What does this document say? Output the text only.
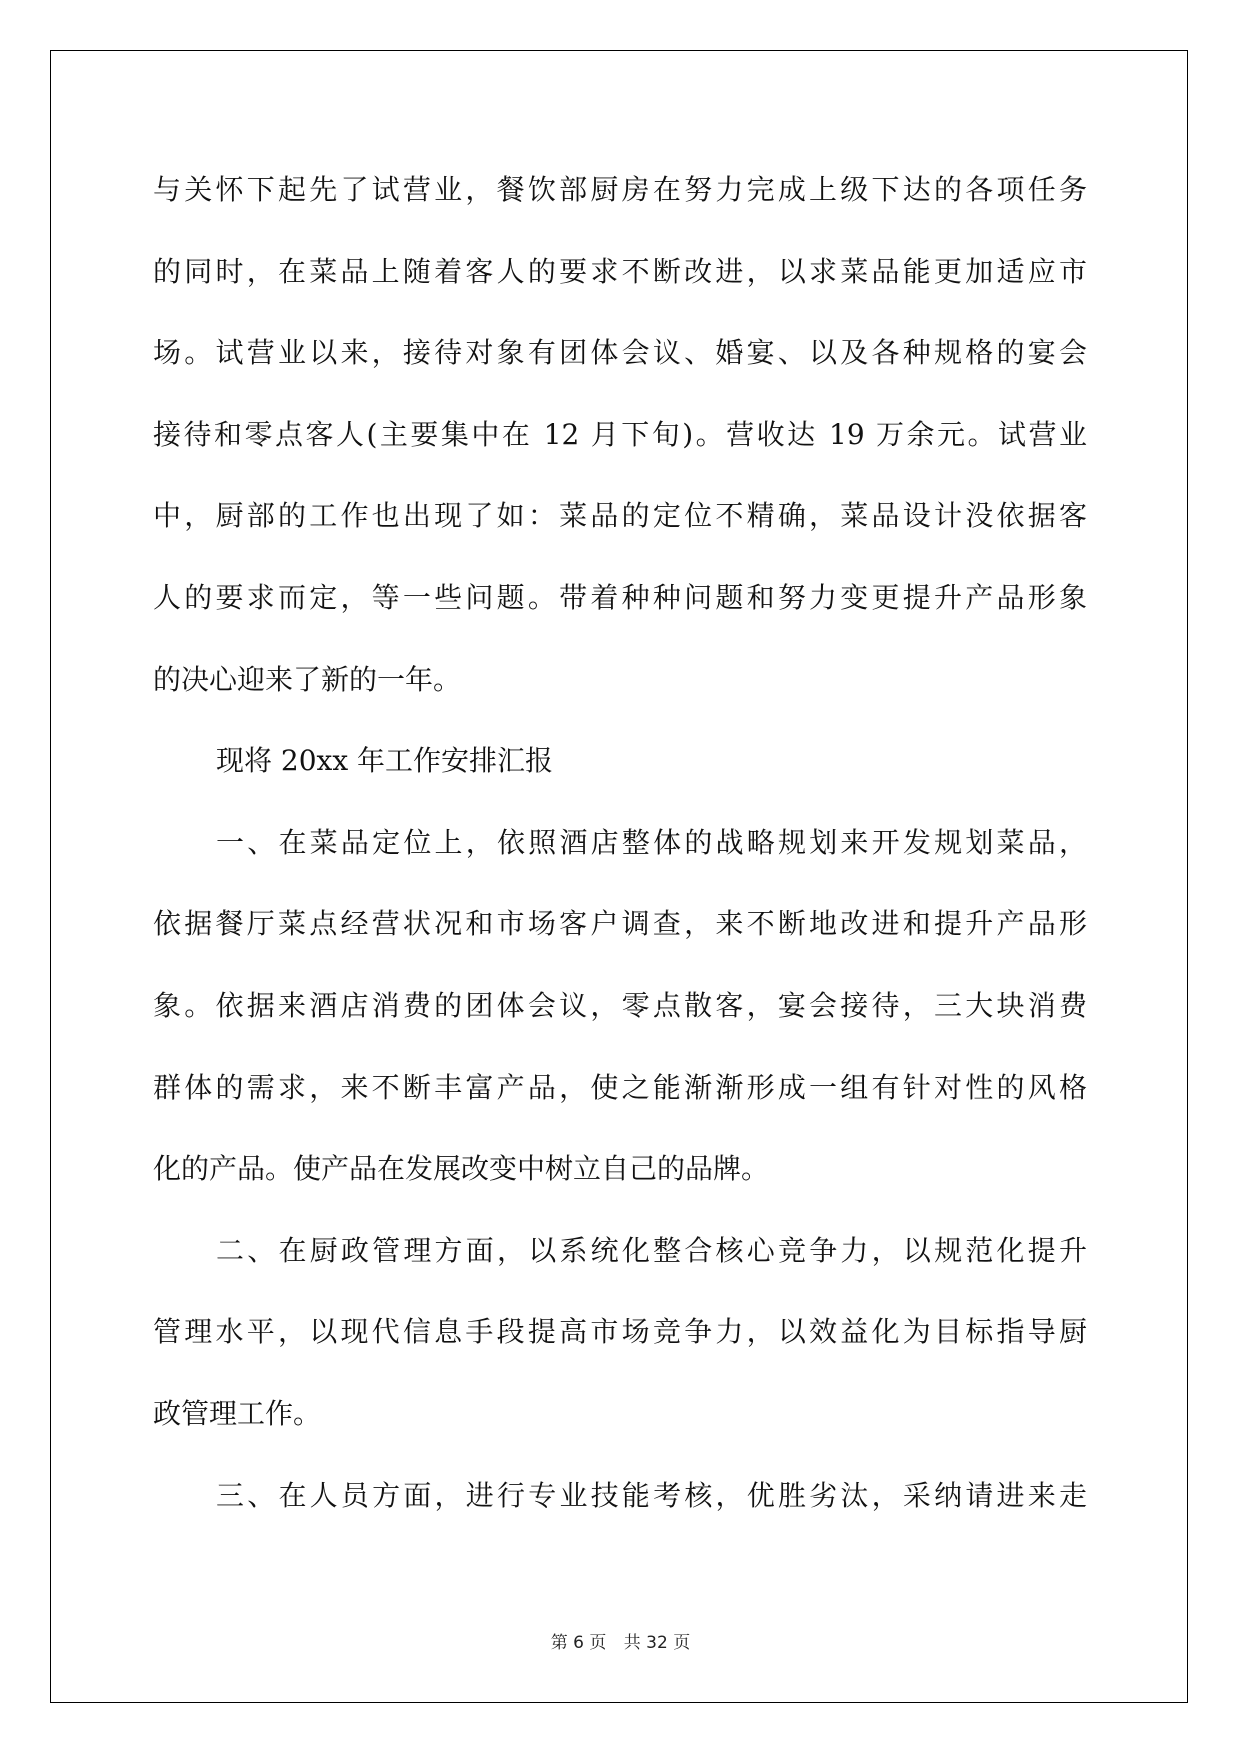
与关怀下起先了试营业，餐饮部厨房在努力完成上级下达的各项任务
的同时，在菜品上随着客人的要求不断改进，以求菜品能更加适应市
场。试营业以来，接待对象有团体会议、婚宴、以及各种规格的宴会
接待和零点客人(主要集中在 12 月下旬)。营收达 19 万余元。试营业
中，厨部的工作也出现了如：菜品的定位不精确，菜品设计没依据客
人的要求而定，等一些问题。带着种种问题和努力变更提升产品形象
的决心迎来了新的一年。
现将 20xx 年工作安排汇报
一、在菜品定位上，依照酒店整体的战略规划来开发规划菜品，
依据餐厅菜点经营状况和市场客户调查，来不断地改进和提升产品形
象。依据来酒店消费的团体会议，零点散客，宴会接待，三大块消费
群体的需求，来不断丰富产品，使之能渐渐形成一组有针对性的风格
化的产品。使产品在发展改变中树立自己的品牌。
二、在厨政管理方面，以系统化整合核心竞争力，以规范化提升
管理水平，以现代信息手段提高市场竞争力，以效益化为目标指导厨
政管理工作。
三、在人员方面，进行专业技能考核，优胜劣汰，采纳请进来走
第 6 页 共 32 页
